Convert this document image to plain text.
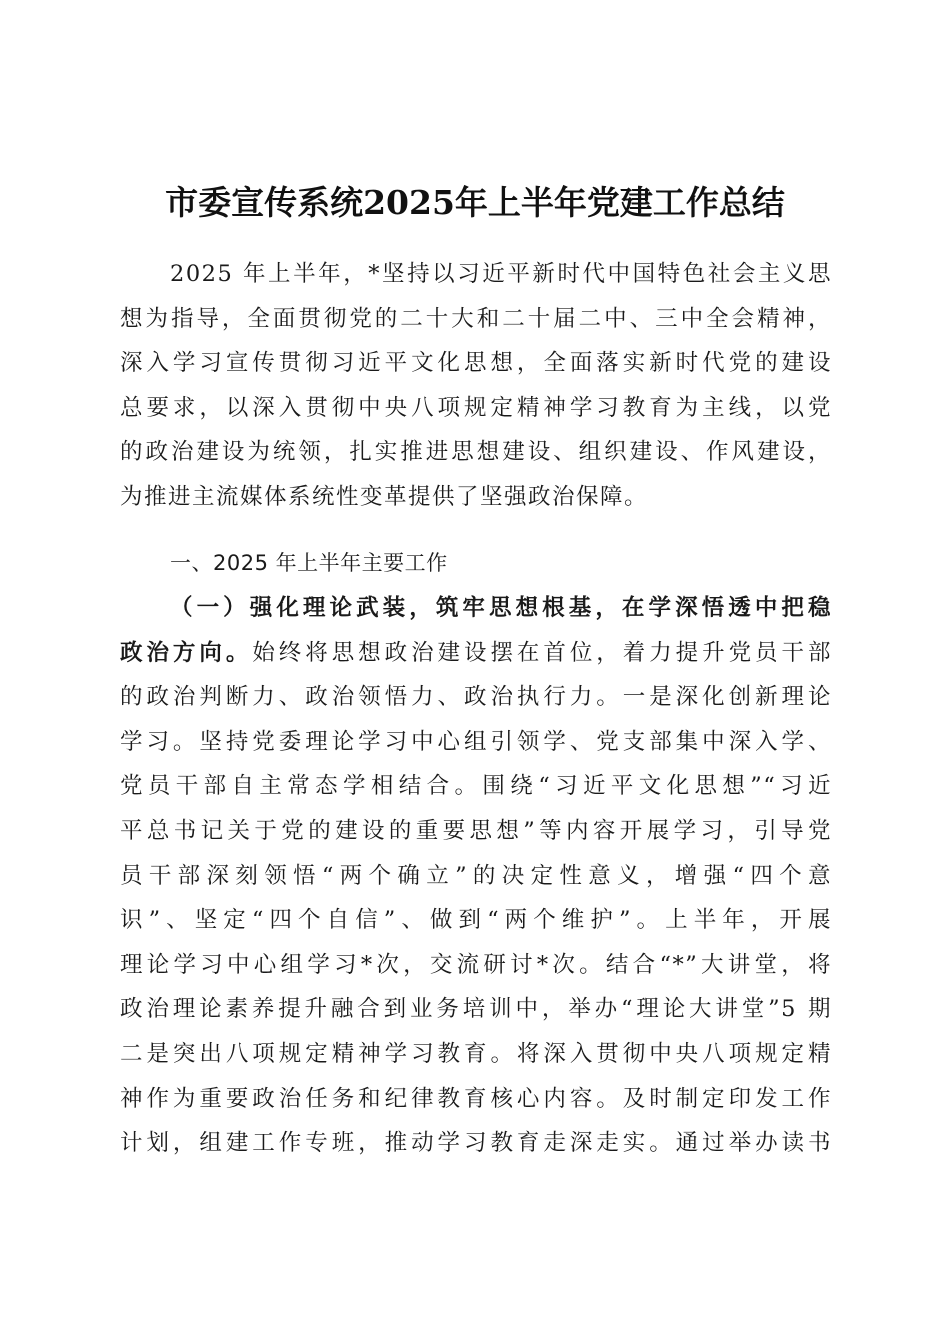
市委宣传系统2025年上半年党建工作总结
2025 年上半年，*坚持以习近平新时代中国特色社会主义思
想为指导，全面贯彻党的二十大和二十届二中、三中全会精神，
深入学习宣传贯彻习近平文化思想，全面落实新时代党的建设
总要求，以深入贯彻中央八项规定精神学习教育为主线，以党
的政治建设为统领，扎实推进思想建设、组织建设、作风建设，
为推进主流媒体系统性变革提供了坚强政治保障。
一、2025 年上半年主要工作
（一）强化理论武装，筑牢思想根基，在学深悟透中把稳
政治方向。始终将思想政治建设摆在首位，着力提升党员干部
的政治判断力、政治领悟力、政治执行力。一是深化创新理论
学习。坚持党委理论学习中心组引领学、党支部集中深入学、
党员干部自主常态学相结合。围绕“习近平文化思想”“习近
平总书记关于党的建设的重要思想”等内容开展学习，引导党
员干部深刻领悟“两个确立”的决定性意义，增强“四个意
识”、坚定“四个自信”、做到“两个维护”。上半年，开展
理论学习中心组学习*次，交流研讨*次。结合“*”大讲堂，将
政治理论素养提升融合到业务培训中，举办“理论大讲堂”5 期
二是突出八项规定精神学习教育。将深入贯彻中央八项规定精
神作为重要政治任务和纪律教育核心内容。及时制定印发工作
计划，组建工作专班，推动学习教育走深走实。通过举办读书
